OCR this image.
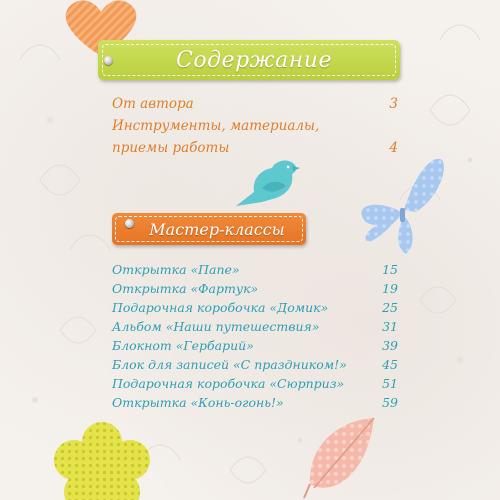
Содержание
От автора	3
Инструменты, материалы,
приемы работы	4
Мастер-классы
Открытка «Папе»	15
Открытка «Фартук»	19
Подарочная коробочка «Домик»	25
Альбом «Наши путешествия»	31
Блокнот «Гербарий»	39
Блок для записей «С праздником!»	45
Подарочная коробочка «Сюрприз»	51
Открытка «Конь-огонь!»	59
